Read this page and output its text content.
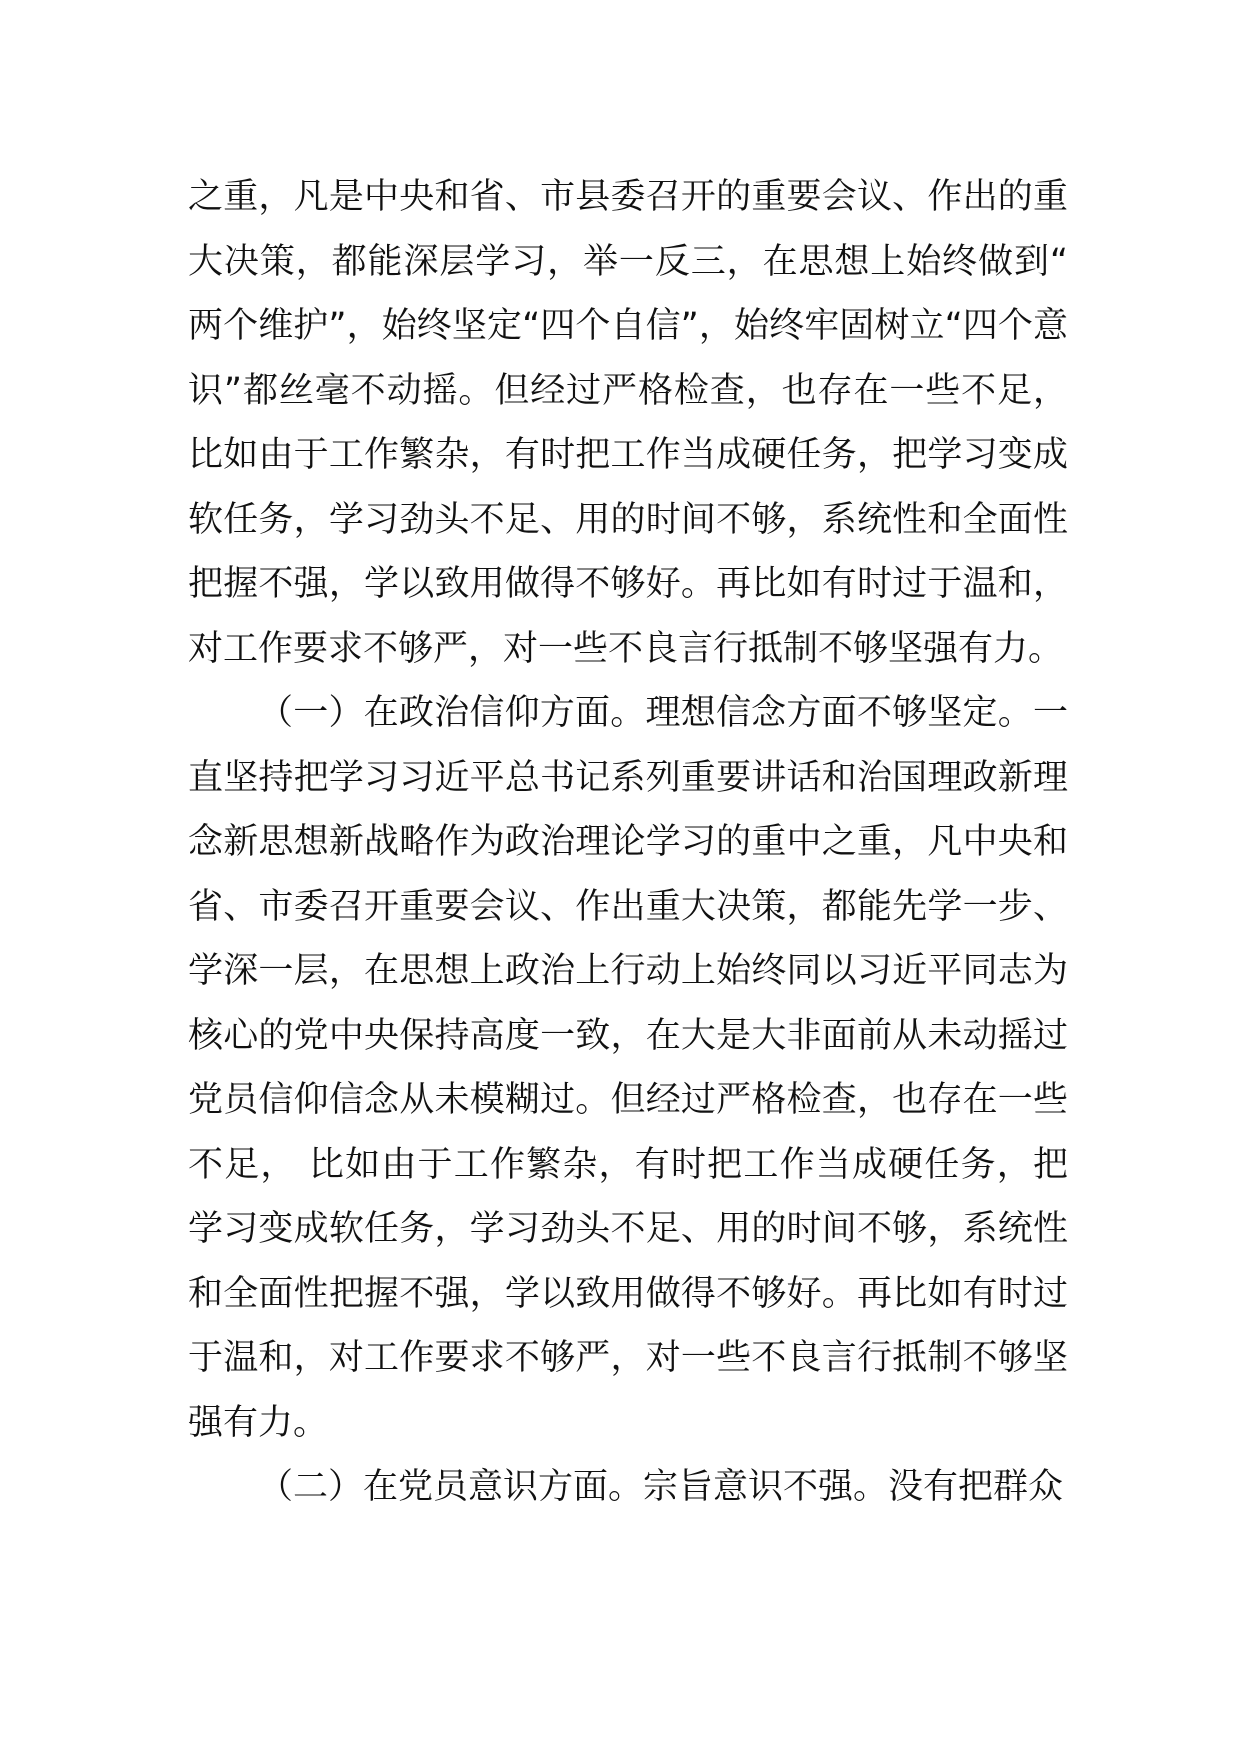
之重，凡是中央和省、市县委召开的重要会议、作出的重大决策，都能深层学习，举一反三，在思想上始终做到“两个维护”，始终坚定“四个自信”，始终牢固树立“四个意识”都丝毫不动摇。但经过严格检查，也存在一些不足， 比如由于工作繁杂，有时把工作当成硬任务，把学习变成软任务，学习劲头不足、用的时间不够，系统性和全面性把握不强，学以致用做得不够好。再比如有时过于温和，对工作要求不够严，对一些不良言行抵制不够坚强有力。

（一）在政治信仰方面。理想信念方面不够坚定。一直坚持把学习习近平总书记系列重要讲话和治国理政新理念新思想新战略作为政治理论学习的重中之重，凡中央和省、市委召开重要会议、作出重大决策，都能先学一步、学深一层，在思想上政治上行动上始终同以习近平同志为核心的党中央保持高度一致，在大是大非面前从未动摇过党员信仰信念从未模糊过。但经过严格检查，也存在一些不足， 比如由于工作繁杂，有时把工作当成硬任务，把学习变成软任务，学习劲头不足、用的时间不够，系统性和全面性把握不强，学以致用做得不够好。再比如有时过于温和，对工作要求不够严，对一些不良言行抵制不够坚强有力。

（二）在党员意识方面。宗旨意识不强。没有把群众
